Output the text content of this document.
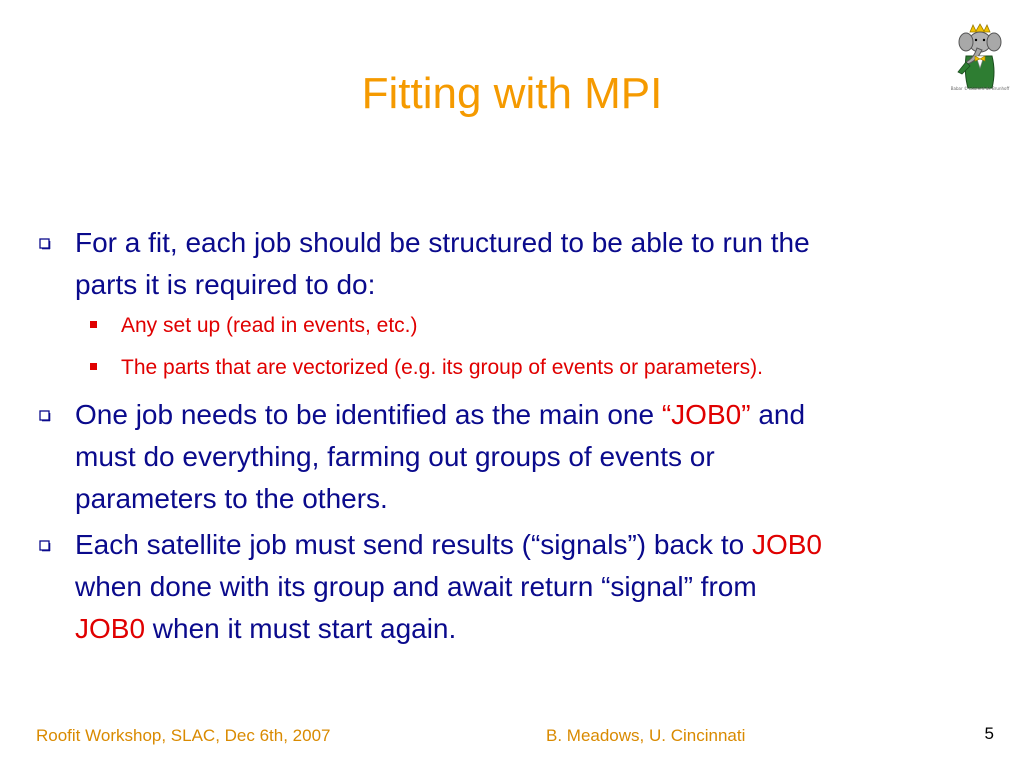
Fitting with MPI	Babar © Laurent de Brunhoff
For a fit, each job should be structured to be able to run the
parts it is required to do:
Any set up (read in events, etc.)
The parts that are vectorized (e.g. its group of events or parameters).
One job needs to be identified as the main one “JOB0” and
must do everything, farming out groups of events or
parameters to the others.
Each satellite job must send results (“signals”) back to JOB0
when done with its group and await return “signal” from
JOB0 when it must start again.
Roofit Workshop, SLAC, Dec 6th, 2007	B. Meadows, U. Cincinnati	5
